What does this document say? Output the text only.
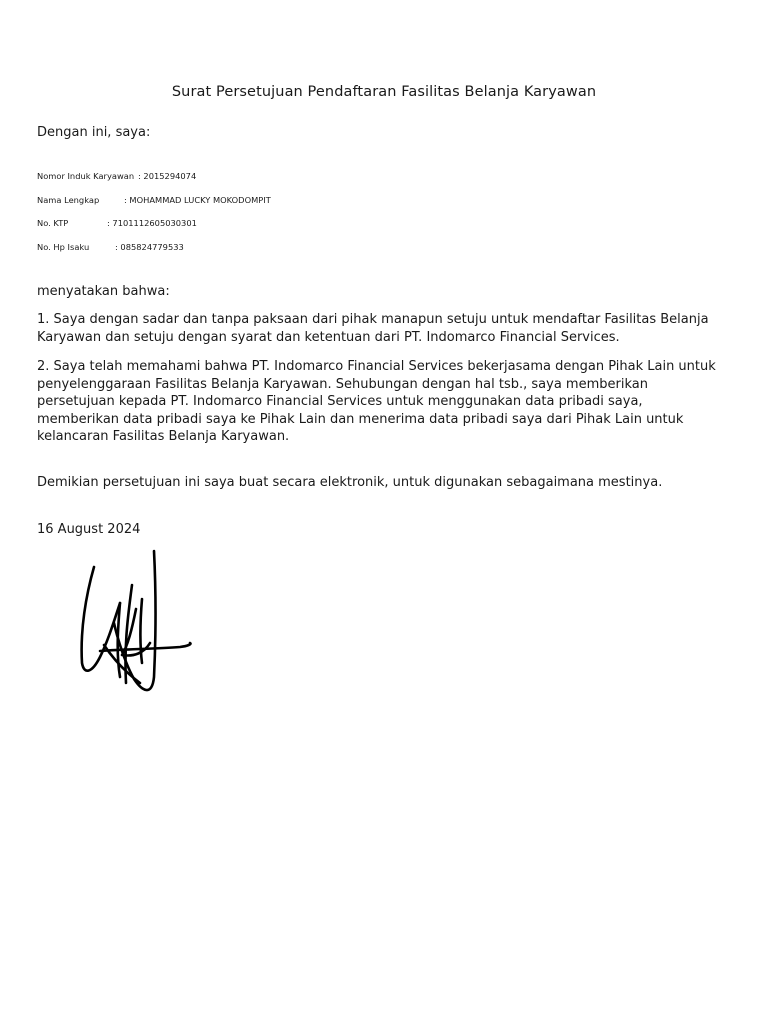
Surat Persetujuan Pendaftaran Fasilitas Belanja Karyawan
Dengan ini, saya:
Nomor Induk Karyawan : 2015294074
Nama Lengkap	: MOHAMMAD LUCKY MOKODOMPIT
No. KTP	: 7101112605030301
No. Hp Isaku	: 085824779533
menyatakan bahwa:
1. Saya dengan sadar dan tanpa paksaan dari pihak manapun setuju untuk mendaftar Fasilitas Belanja Karyawan dan setuju dengan syarat dan ketentuan dari PT. Indomarco Financial Services.
2. Saya telah memahami bahwa PT. Indomarco Financial Services bekerjasama dengan Pihak Lain untuk penyelenggaraan Fasilitas Belanja Karyawan. Sehubungan dengan hal tsb., saya memberikan persetujuan kepada PT. Indomarco Financial Services untuk menggunakan data pribadi saya, memberikan data pribadi saya ke Pihak Lain dan menerima data pribadi saya dari Pihak Lain untuk kelancaran Fasilitas Belanja Karyawan.
Demikian persetujuan ini saya buat secara elektronik, untuk digunakan sebagaimana mestinya.
16 August 2024
